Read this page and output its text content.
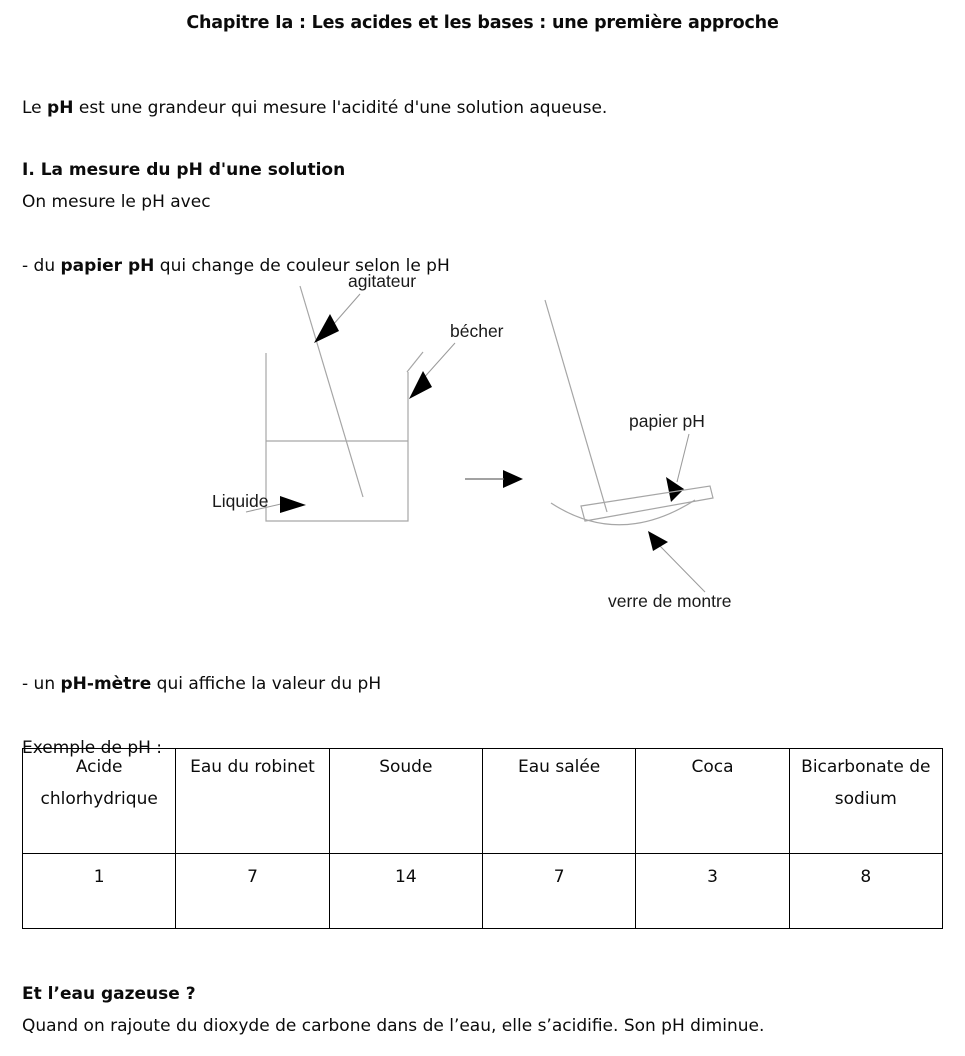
Chapitre Ia : Les acides et les bases : une première approche

Le pH est une grandeur qui mesure l'acidité d'une solution aqueuse.

I. La mesure du pH d'une solution

On mesure le pH avec

- du papier pH qui change de couleur selon le pH

agitateur
bécher
Liquide
papier pH
verre de montre

- un pH-mètre qui affiche la valeur du pH

Exemple de pH :

Acide chlorhydrique	Eau du robinet	Soude	Eau salée	Coca	Bicarbonate de sodium
1	7	14	7	3	8

Et l’eau gazeuse ?

Quand on rajoute du dioxyde de carbone dans de l’eau, elle s’acidifie. Son pH diminue.
